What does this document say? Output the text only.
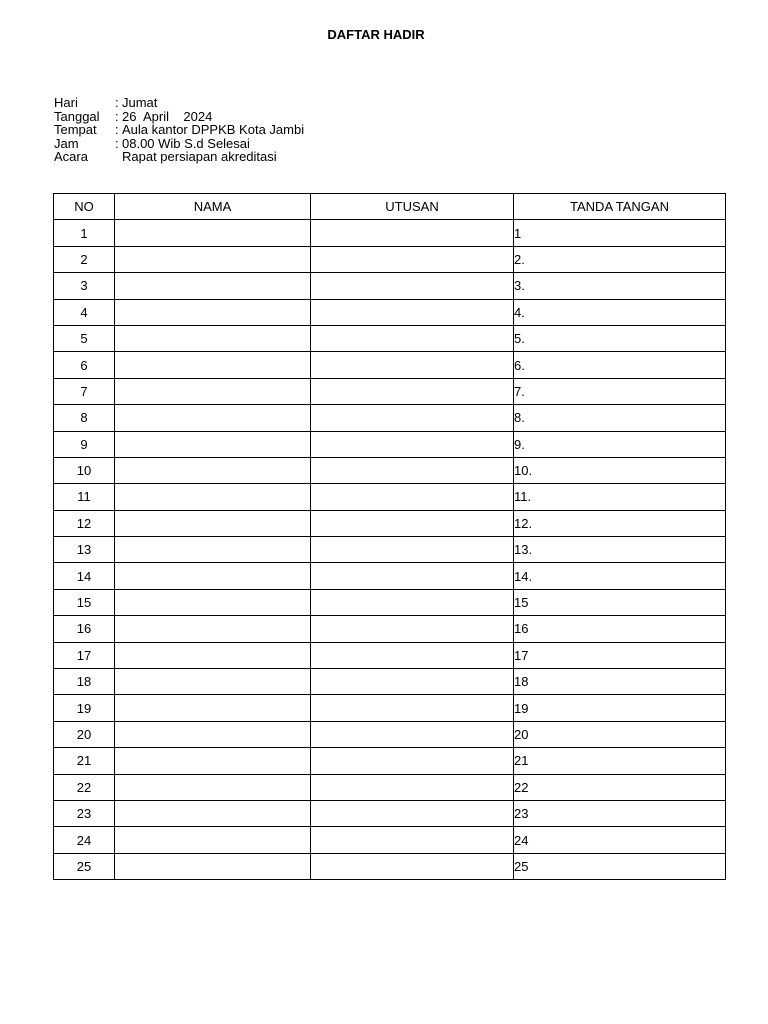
DAFTAR HADIR
Hari	: Jumat
Tanggal	: 26  April    2024
Tempat	: Aula kantor DPPKB Kota Jambi
Jam	: 08.00 Wib S.d Selesai
Acara	Rapat persiapan akreditasi
NO	NAMA	UTUSAN	TANDA TANGAN
1			1
2			2.
3			3.
4			4.
5			5.
6			6.
7			7.
8			8.
9			9.
10			10.
11			11.
12			12.
13			13.
14			14.
15			15
16			16
17			17
18			18
19			19
20			20
21			21
22			22
23			23
24			24
25			25
